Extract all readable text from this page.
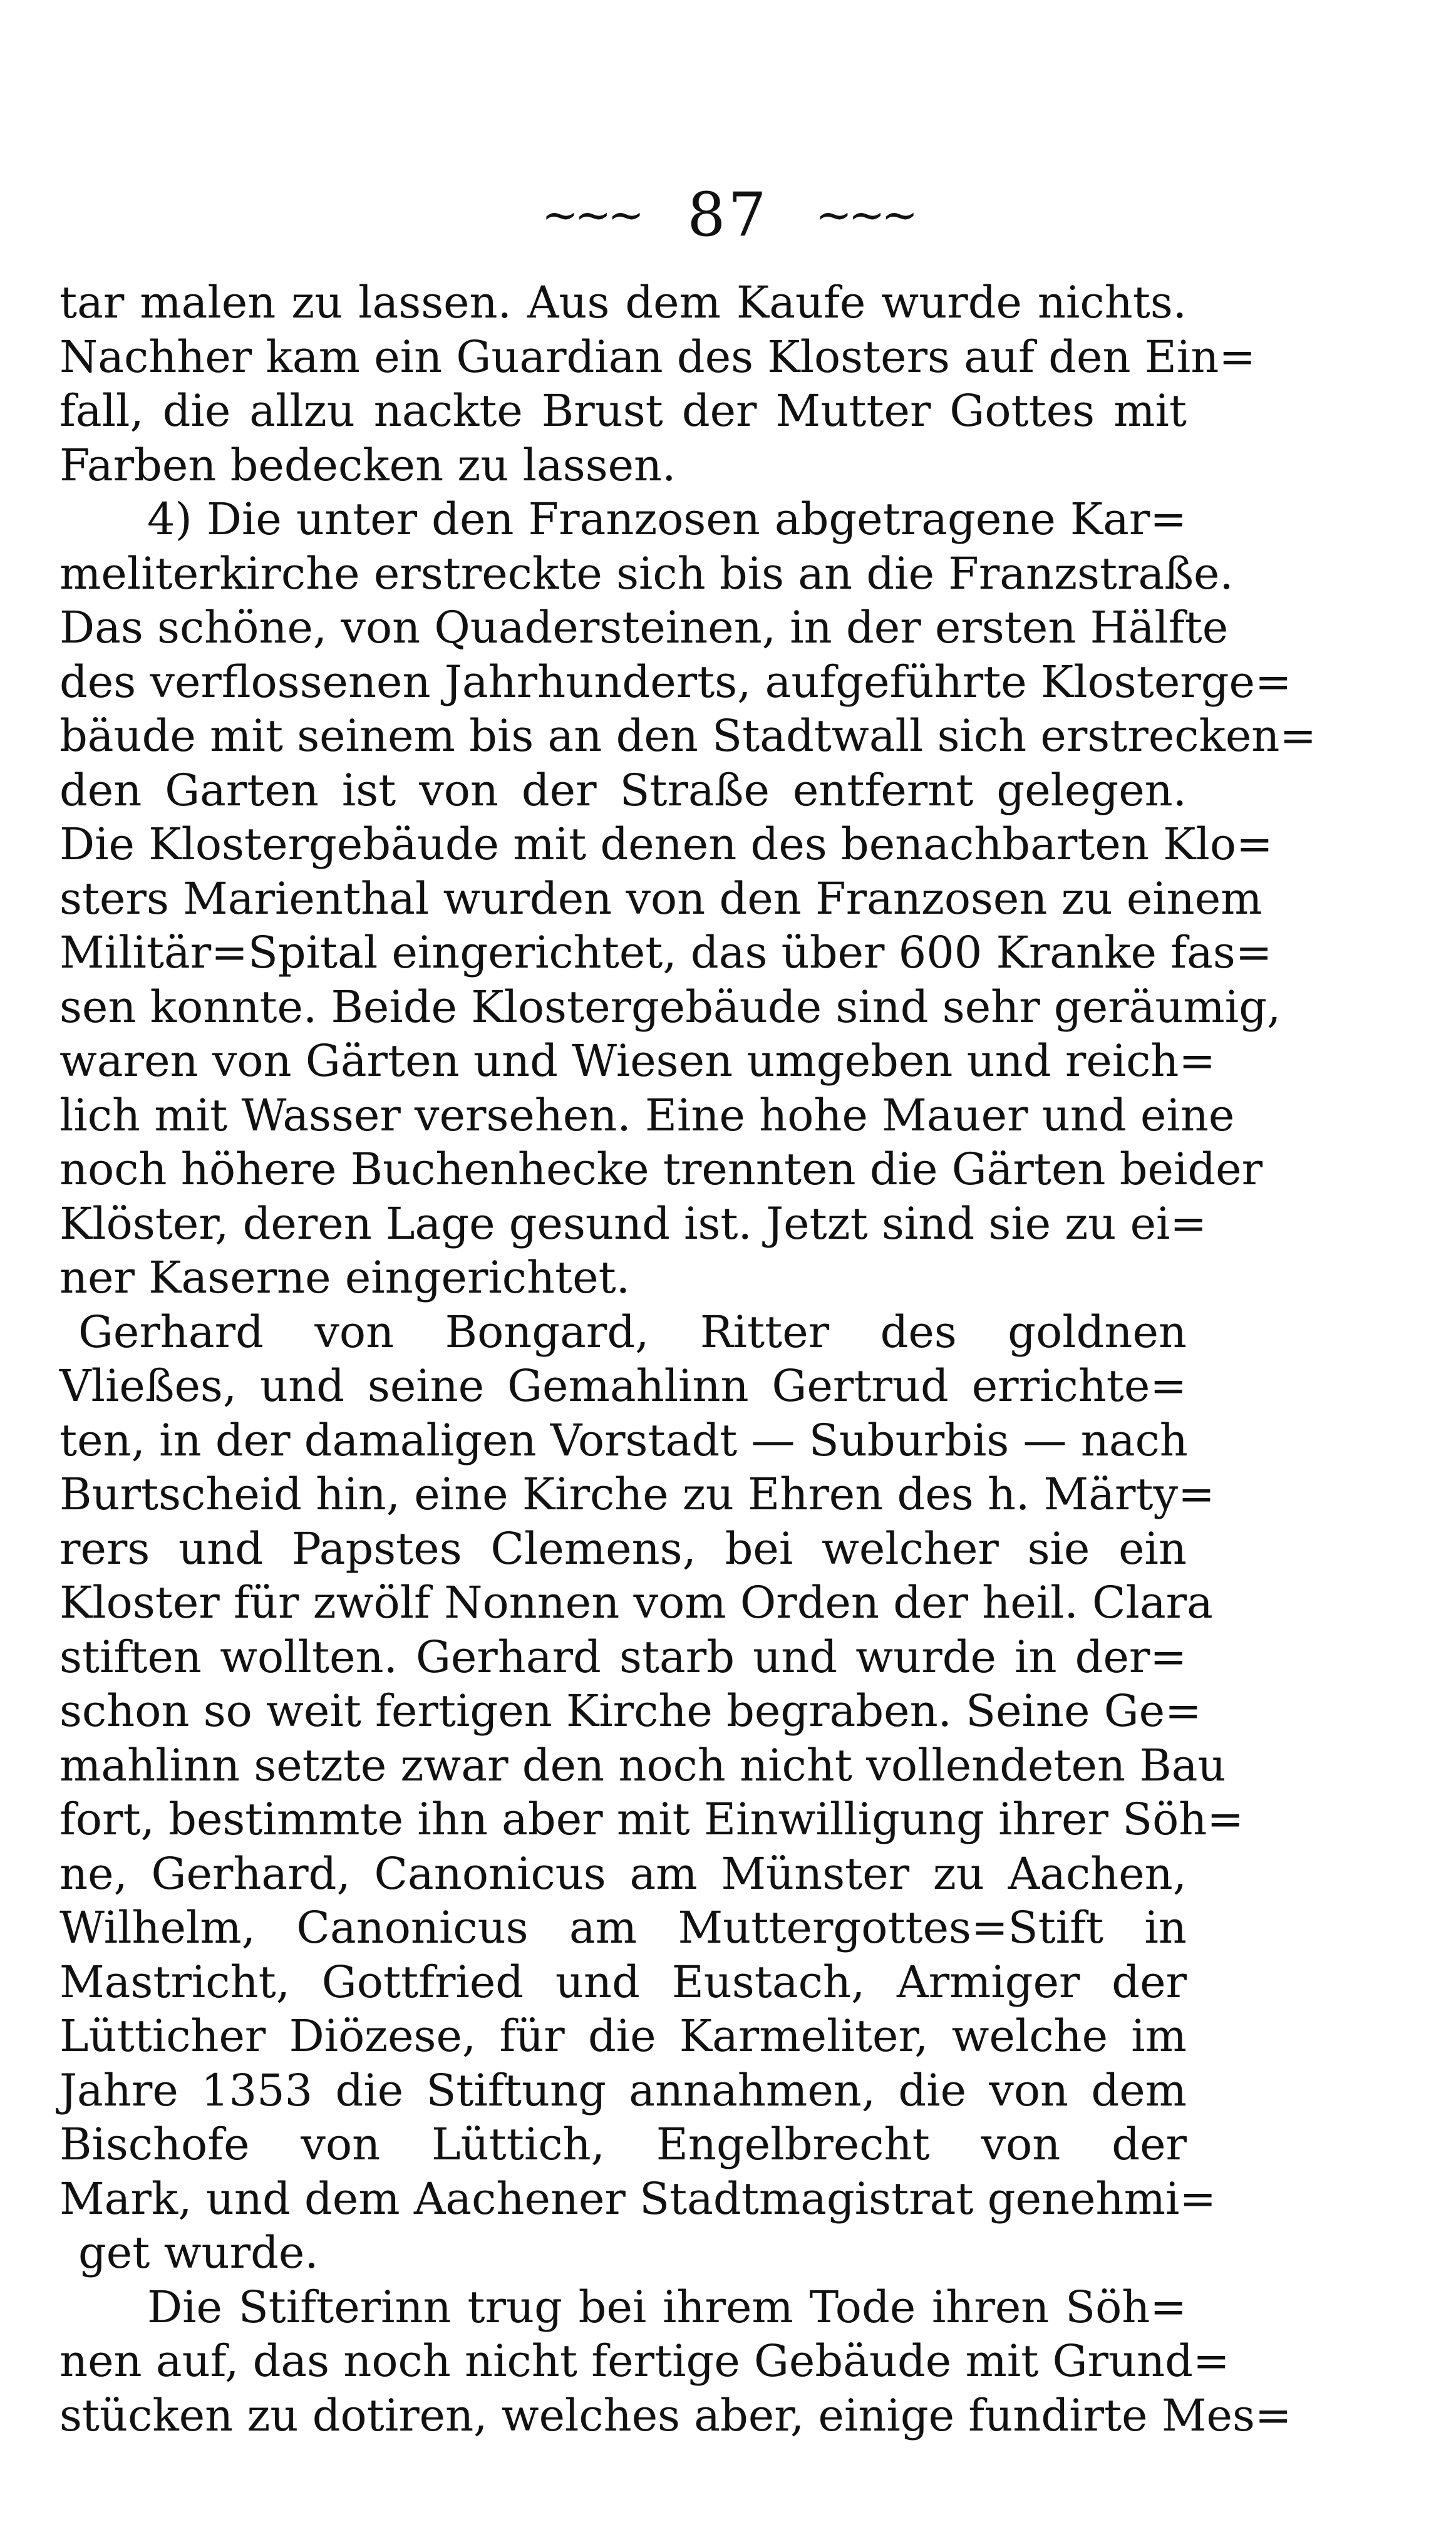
~~~ 87 ~~~
tar malen zu lassen. Aus dem Kaufe wurde nichts.
Nachher kam ein Guardian des Klosters auf den Ein=
fall, die allzu nackte Brust der Mutter Gottes mit
Farben bedecken zu lassen.
4) Die unter den Franzosen abgetragene Kar=
meliterkirche erstreckte sich bis an die Franzstraße.
Das schöne, von Quadersteinen, in der ersten Hälfte
des verflossenen Jahrhunderts, aufgeführte Klosterge=
bäude mit seinem bis an den Stadtwall sich erstrecken=
den Garten ist von der Straße entfernt gelegen.
Die Klostergebäude mit denen des benachbarten Klo=
sters Marienthal wurden von den Franzosen zu einem
Militär=Spital eingerichtet, das über 600 Kranke fas=
sen konnte. Beide Klostergebäude sind sehr geräumig,
waren von Gärten und Wiesen umgeben und reich=
lich mit Wasser versehen. Eine hohe Mauer und eine
noch höhere Buchenhecke trennten die Gärten beider
Klöster, deren Lage gesund ist. Jetzt sind sie zu ei=
ner Kaserne eingerichtet.
Gerhard von Bongard, Ritter des goldnen
Vließes, und seine Gemahlinn Gertrud errichte=
ten, in der damaligen Vorstadt — Suburbis — nach
Burtscheid hin, eine Kirche zu Ehren des h. Märty=
rers und Papstes Clemens, bei welcher sie ein
Kloster für zwölf Nonnen vom Orden der heil. Clara
stiften wollten. Gerhard starb und wurde in der=
schon so weit fertigen Kirche begraben. Seine Ge=
mahlinn setzte zwar den noch nicht vollendeten Bau
fort, bestimmte ihn aber mit Einwilligung ihrer Söh=
ne, Gerhard, Canonicus am Münster zu Aachen,
Wilhelm, Canonicus am Muttergottes=Stift in
Mastricht, Gottfried und Eustach, Armiger der
Lütticher Diözese, für die Karmeliter, welche im
Jahre 1353 die Stiftung annahmen, die von dem
Bischofe von Lüttich, Engelbrecht von der
Mark, und dem Aachener Stadtmagistrat genehmi=
get wurde.
Die Stifterinn trug bei ihrem Tode ihren Söh=
nen auf, das noch nicht fertige Gebäude mit Grund=
stücken zu dotiren, welches aber, einige fundirte Mes=
